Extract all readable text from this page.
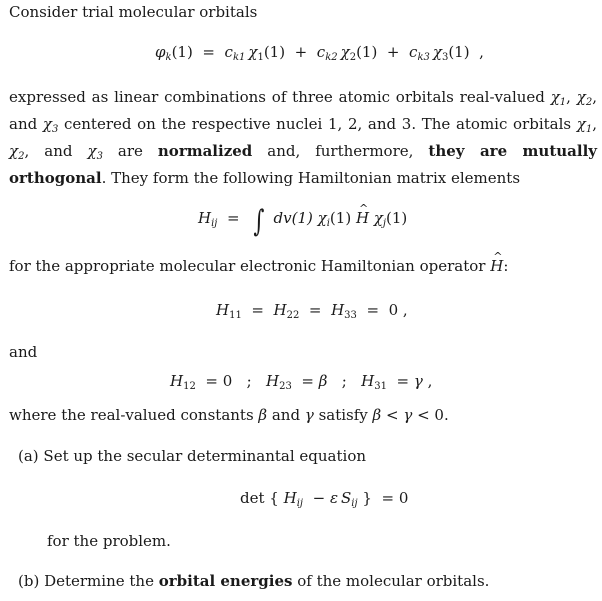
Consider trial molecular orbitals
$\varphi_k(1) = c_{k1}$  $\chi_1(1) + c_{k2}$  $\chi_2(1) + c_{k3}$  $\chi_3(1)$ ,
expressed as linear combinations of three atomic orbitals real-valued $\chi_1$, $\chi_2$, and $\chi_3$ centered on the respective nuclei 1, 2, and 3. The atomic orbitals $\chi_1$, $\chi_2$, and $\chi_3$ are normalized and, furthermore, they are mutually orthogonal. They form the following Hamiltonian matrix elements
$H_{ij}$ = ∫ dv(1) $\chi_i(1)$ ^ H $\chi_j(1)$
for the appropriate molecular electronic Hamiltonian operator ^ H:
$H_{11} = H_{22} = H_{33} = 0$ ,
and
$H_{12} = 0$ ; $H_{23} = \beta$ ; $H_{31} = \gamma$ ,
where the real-valued constants β and γ satisfy β < γ < 0.
(a) Set up the secular determinantal equation
det { $H_{ij} - \varepsilon$  $S_{ij}$ } = 0
for the problem.
(b) Determine the orbital energies of the molecular orbitals.
